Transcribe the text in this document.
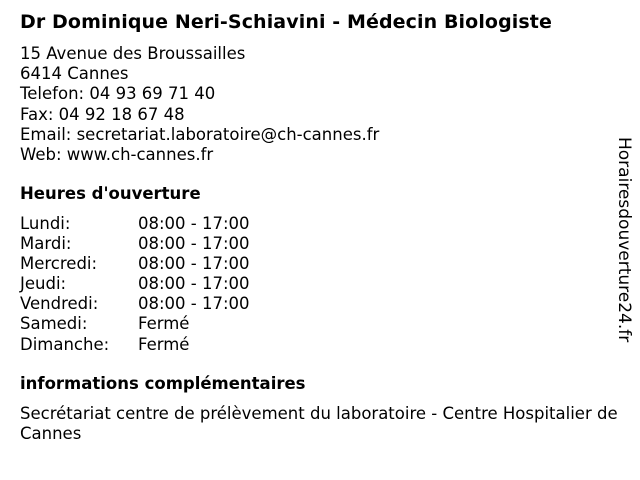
Dr Dominique Neri-Schiavini - Médecin Biologiste
15 Avenue des Broussailles
6414 Cannes
Telefon: 04 93 69 71 40
Fax: 04 92 18 67 48
Email: secretariat.laboratoire@ch-cannes.fr
Web: www.ch-cannes.fr
Heures d'ouverture
Lundi:	08:00 - 17:00
Mardi:	08:00 - 17:00
Mercredi:	08:00 - 17:00
Jeudi:	08:00 - 17:00
Vendredi:	08:00 - 17:00
Samedi:	Fermé
Dimanche:	Fermé
informations complémentaires
Secrétariat centre de prélèvement du laboratoire - Centre Hospitalier de Cannes
Horairesdouverture24.fr
